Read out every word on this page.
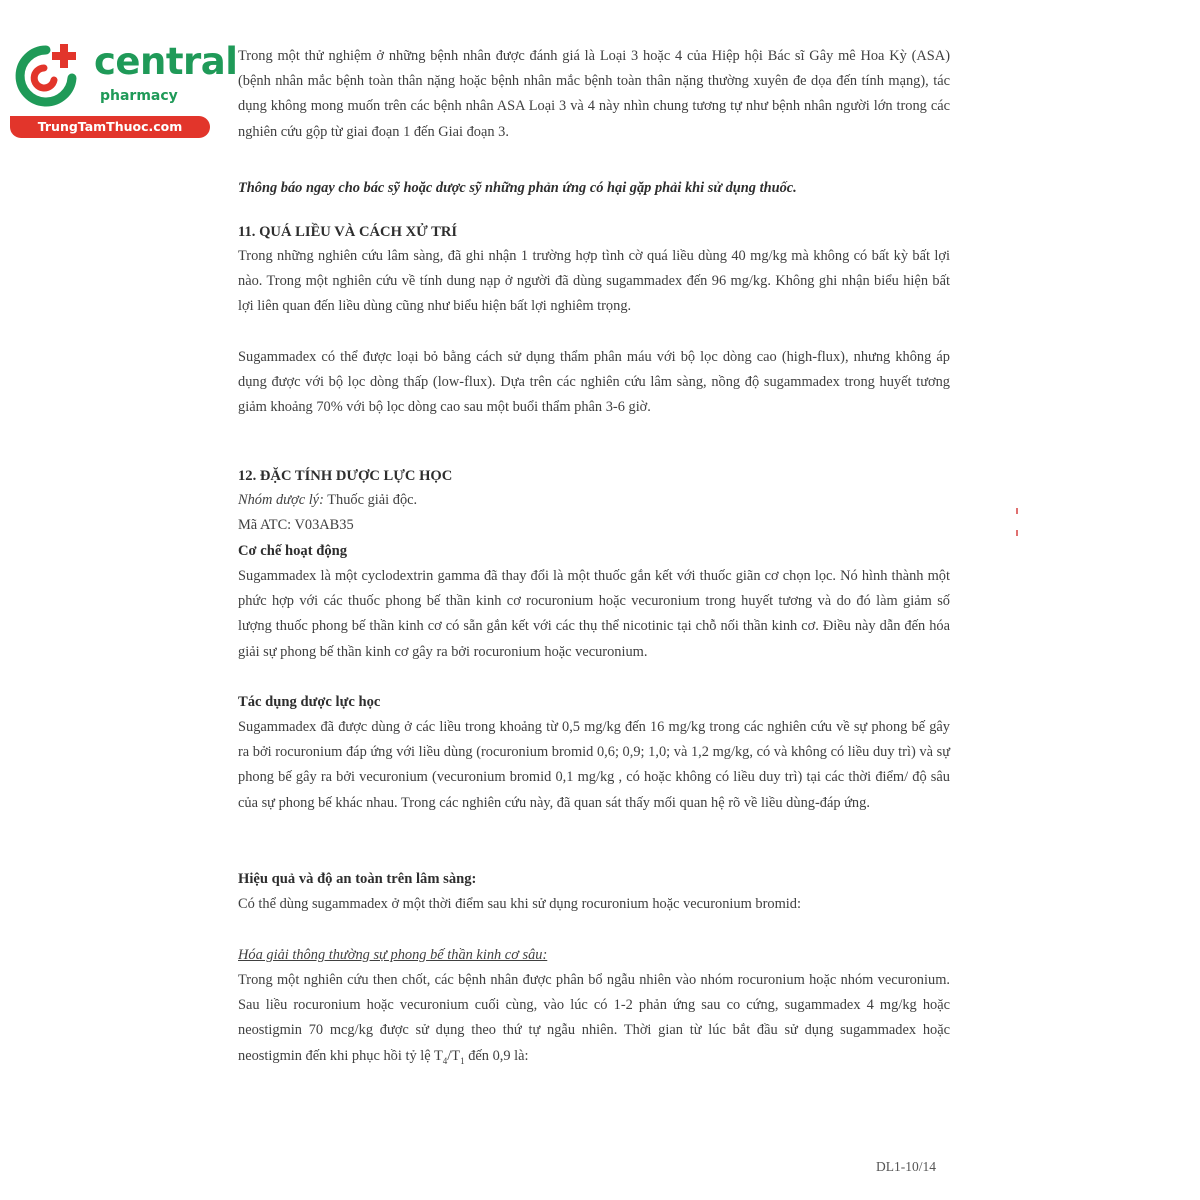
central
pharmacy
TrungTamThuoc.com
Trong một thử nghiệm ở những bệnh nhân được đánh giá là Loại 3 hoặc 4 của Hiệp hội Bác sĩ Gây mê Hoa Kỳ (ASA) (bệnh nhân mắc bệnh toàn thân nặng hoặc bệnh nhân mắc bệnh toàn thân nặng thường xuyên đe dọa đến tính mạng), tác dụng không mong muốn trên các bệnh nhân ASA Loại 3 và 4 này nhìn chung tương tự như bệnh nhân người lớn trong các nghiên cứu gộp từ giai đoạn 1 đến Giai đoạn 3.
Thông báo ngay cho bác sỹ hoặc dược sỹ những phản ứng có hại gặp phải khi sử dụng thuốc.
11. QUÁ LIỀU VÀ CÁCH XỬ TRÍ
Trong những nghiên cứu lâm sàng, đã ghi nhận 1 trường hợp tình cờ quá liều dùng 40 mg/kg mà không có bất kỳ bất lợi nào. Trong một nghiên cứu về tính dung nạp ở người đã dùng sugammadex đến 96 mg/kg. Không ghi nhận biểu hiện bất lợi liên quan đến liều dùng cũng như biểu hiện bất lợi nghiêm trọng.
Sugammadex có thể được loại bỏ bằng cách sử dụng thẩm phân máu với bộ lọc dòng cao (high-flux), nhưng không áp dụng được với bộ lọc dòng thấp (low-flux). Dựa trên các nghiên cứu lâm sàng, nồng độ sugammadex trong huyết tương giảm khoảng 70% với bộ lọc dòng cao sau một buổi thẩm phân 3-6 giờ.
12. ĐẶC TÍNH DƯỢC LỰC HỌC
Nhóm dược lý: Thuốc giải độc.
Mã ATC: V03AB35
Cơ chế hoạt động
Sugammadex là một cyclodextrin gamma đã thay đổi là một thuốc gắn kết với thuốc giãn cơ chọn lọc. Nó hình thành một phức hợp với các thuốc phong bế thần kinh cơ rocuronium hoặc vecuronium trong huyết tương và do đó làm giảm số lượng thuốc phong bế thần kinh cơ có sẵn gắn kết với các thụ thể nicotinic tại chỗ nối thần kinh cơ. Điều này dẫn đến hóa giải sự phong bế thần kinh cơ gây ra bởi rocuronium hoặc vecuronium.
Tác dụng dược lực học
Sugammadex đã được dùng ở các liều trong khoảng từ 0,5 mg/kg đến 16 mg/kg trong các nghiên cứu về sự phong bế gây ra bởi rocuronium đáp ứng với liều dùng (rocuronium bromid 0,6; 0,9; 1,0; và 1,2 mg/kg, có và không có liều duy trì) và sự phong bế gây ra bởi vecuronium (vecuronium bromid 0,1 mg/kg , có hoặc không có liều duy trì) tại các thời điểm/ độ sâu của sự phong bế khác nhau. Trong các nghiên cứu này, đã quan sát thấy mối quan hệ rõ về liều dùng-đáp ứng.
Hiệu quả và độ an toàn trên lâm sàng:
Có thể dùng sugammadex ở một thời điểm sau khi sử dụng rocuronium hoặc vecuronium bromid:
Hóa giải thông thường sự phong bế thần kinh cơ sâu:
Trong một nghiên cứu then chốt, các bệnh nhân được phân bổ ngẫu nhiên vào nhóm rocuronium hoặc nhóm vecuronium. Sau liều rocuronium hoặc vecuronium cuối cùng, vào lúc có 1-2 phản ứng sau co cứng, sugammadex 4 mg/kg hoặc neostigmin 70 mcg/kg được sử dụng theo thứ tự ngẫu nhiên. Thời gian từ lúc bắt đầu sử dụng sugammadex hoặc neostigmin đến khi phục hồi tỷ lệ $T_4/T_1$ đến 0,9 là:
DL1-10/14
